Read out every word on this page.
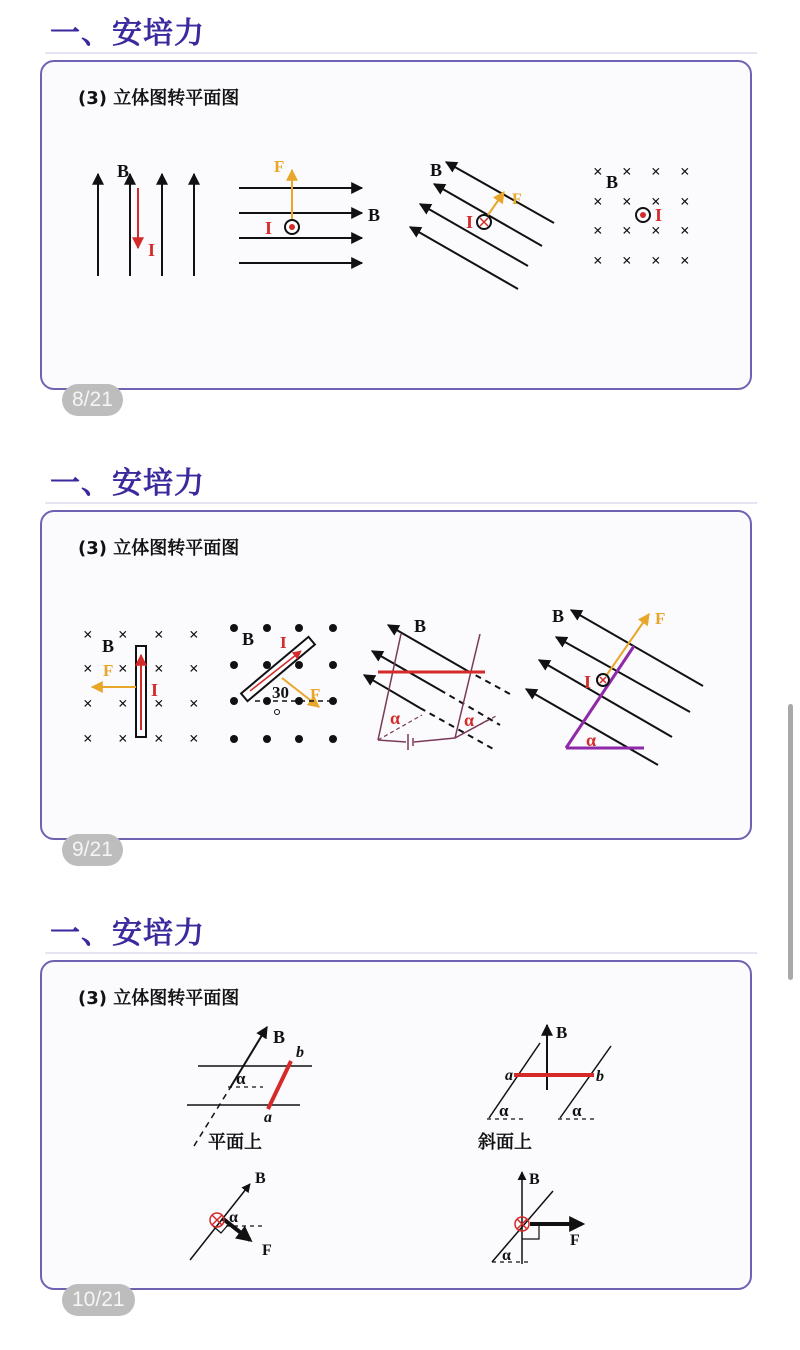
一、安培力
(3) 立体图转平面图
B
I
F
B
I
B
F
I
× × × ×
× × × ×
× × × ×
× × × ×
B
I
8/21
一、安培力
(3) 立体图转平面图
× × × ×
× × × ×
× × × ×
× × × ×
B
F
I
B I
30 F
B
α	α
B	F
I
α
9/21
一、安培力
(3) 立体图转平面图
B
b
α
a
B
a	b
α	α
平面上	斜面上
B
α
F
B
α
F
10/21
